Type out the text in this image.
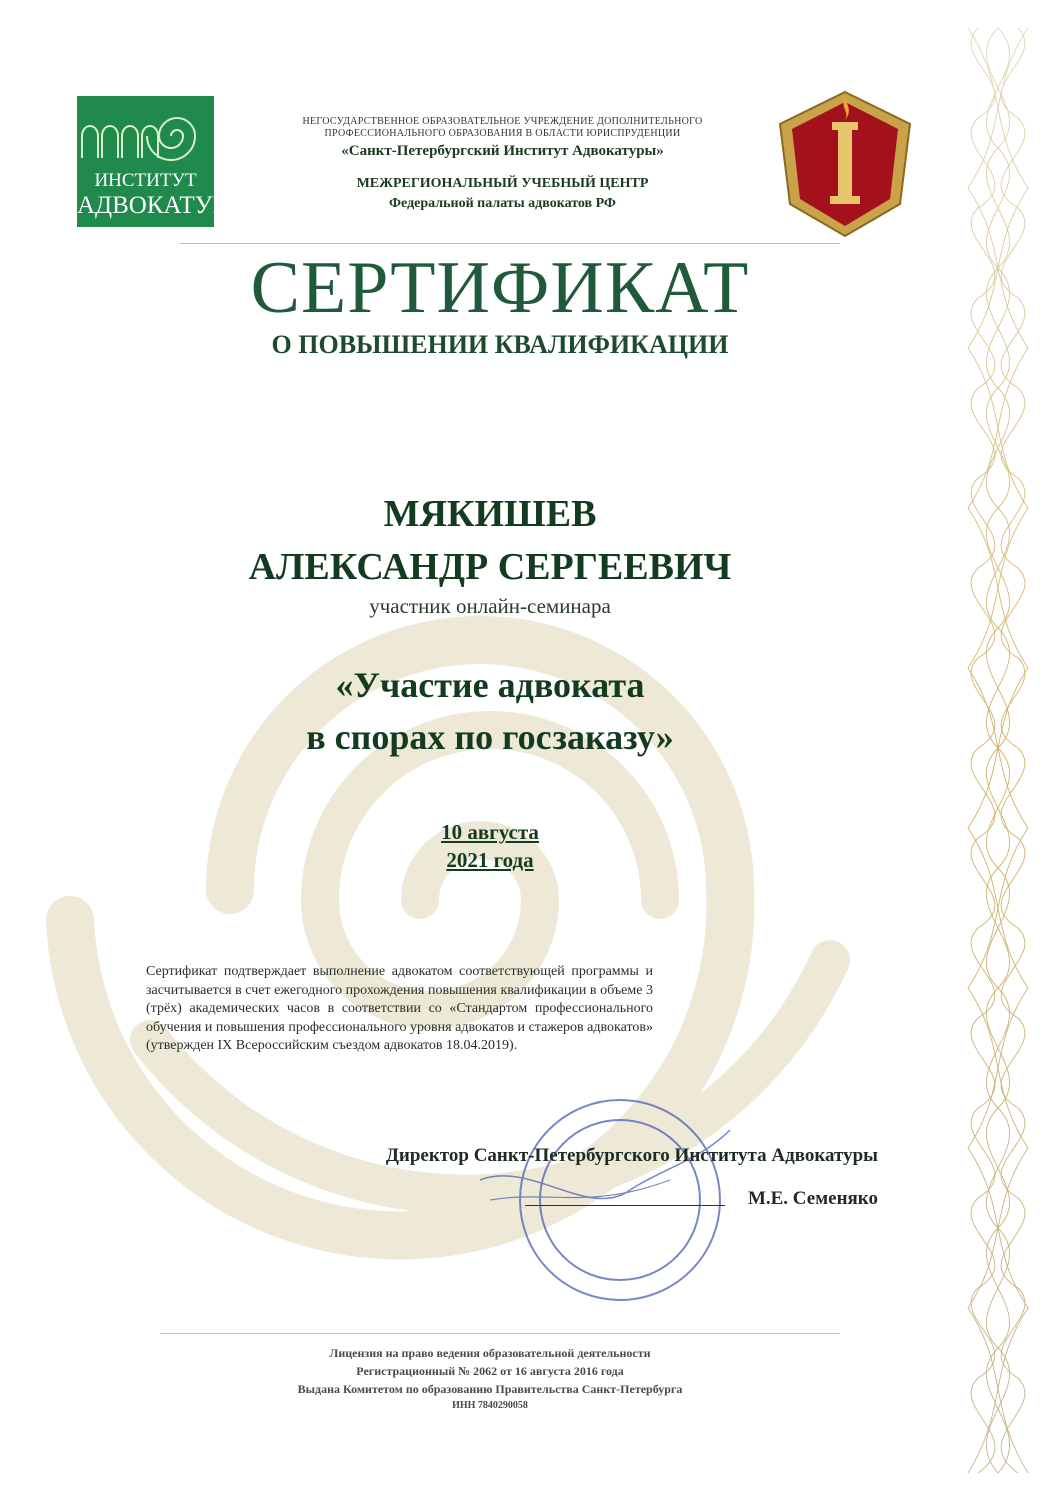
ИНСТИТУТ
АДВОКАТУРЫ
НЕГОСУДАРСТВЕННОЕ ОБРАЗОВАТЕЛЬНОЕ УЧРЕЖДЕНИЕ ДОПОЛНИТЕЛЬНОГО
ПРОФЕССИОНАЛЬНОГО ОБРАЗОВАНИЯ В ОБЛАСТИ ЮРИСПРУДЕНЦИИ
«Санкт-Петербургский Институт Адвокатуры»
МЕЖРЕГИОНАЛЬНЫЙ УЧЕБНЫЙ ЦЕНТР
Федеральной палаты адвокатов РФ
СЕРТИФИКАТ
О ПОВЫШЕНИИ КВАЛИФИКАЦИИ
МЯКИШЕВ
АЛЕКСАНДР СЕРГЕЕВИЧ
участник онлайн-семинара
«Участие адвоката
в спорах по госзаказу»
10 августа
2021 года
Сертификат подтверждает выполнение адвокатом соответствующей программы и засчитывается в счет ежегодного прохождения повышения квалификации в объеме 3 (трёх) академических часов в соответствии со «Стандартом профессионального обучения и повышения профессионального уровня адвокатов и стажеров адвокатов» (утвержден IX Всероссийским съездом адвокатов 18.04.2019).
Директор Санкт-Петербургского Института Адвокатуры
М.Е. Семеняко
Лицензия на право ведения образовательной деятельности
Регистрационный № 2062 от 16 августа 2016 года
Выдана Комитетом по образованию Правительства Санкт-Петербурга
ИНН 7840290058
